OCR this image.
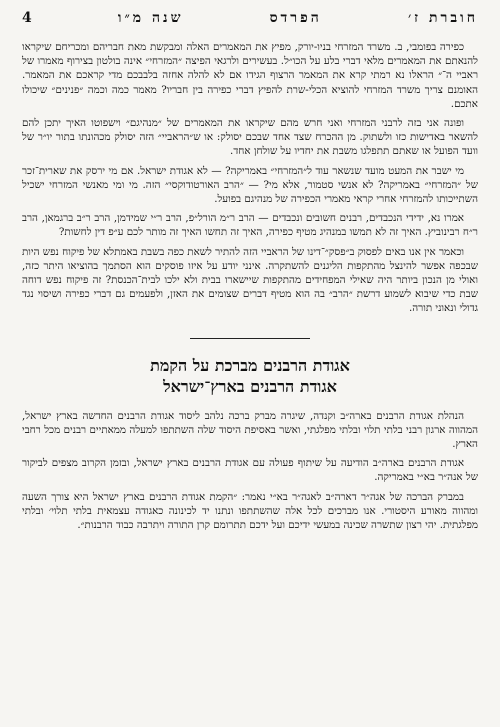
חוברת ז׳
הפרדס
שנה מ״ו
4

כפירה בפומבי, ב. משרד המזרחי בניו-יורק, מפיץ את המאמרים האלה ומבקשת מאת חבריהם ומכריחם שיקראו להנאתם את המאמרים מלאי דברי בלע על הכו״ל. בעשירים ולרגאי הפיצה ״המזרחי״ אינה בולטון בצירוף מאמרו של ראביי ה־״ הראלו נא רמתי קרא את המאמר הרצוף הגידו אם לא להלה אחזה בלבבכם מדי קראכם את המאמר. האומנם צריך משרד המזרחי להוציא הכלי-שרת להפיץ דברי כפירה בין חבריו? מאמר כמה וכמה ״פנינים״ שיכולו אתכם.

ופונה אני בזה לרבני המזרחי ואני חרש מהם שיקראו את המאמרים של ״מנהיגם״ וישפוטו האיך יתכן להם להשאר באדישות כזו ולשתוק. מן ההכרח שצד אחד שבכם יסולק: או ש״הראביי״ הזה יסולק מכהונתו בתור יו״ר של וועד הפועל או שאתם תתפלגו משבת את יחדיו על שולחן אחד.

מי ישבר את המעט מועד שנשאר עוד ל״המזרחי״ באמריקה? — לא אגודת ישראל. אם מי ירסק את שארית־זכר של ״המזרחי״ באמריקה? לא אנשי סטמור, אלא מי? — ״הרב האורטודוקסי״ הזה. מי ומי מאנשי המזרחי ישכיל השתייכותו להמזרחי אחרי קראי מאמרי הכפירה של מנהיגם בפועל.

אמרו נא, ידידי הנכבדים, רבנים חשובים ונכבדים — הרב ר״מ הורל״פ, הרב ר״י שמידמן, הרב ר״ב ברגמאן, הרב ר״ח רבינוביץ. האיך זה לא תמשו במנהיג מטיף כפירה, האיך זה תחשו האיך זה מותר לכם ע״פ דין לחשות?

וכאמר אין אנו באים לפסוק ב״פסק״־דינו של הראביי הזה להתיר לשאת כפה בשבת באמתלא של פיקוח נפש היות שבכפה אפשר להינצל מהתקפות הליגנים להשתקרה. אינני יודע על איזו פוסקים הוא הסתמך בהוציאו היתר כזה, ואולי מן הנכון ביותר היה שאילי המפחידים מהתקפות שיישארו בבית ולא ילכו לבית־הכנסת? זה פיקוח נפש דוחה שבת כדי שיבוא לשמוע דרשת ״הרב״ בה הוא מטיף דברים שצומים את האזן, ולפעמים גם דברי כפירה ושיסוי נגד גדולי ונאוני תורה.

אגודת הרבנים מברכת על הקמת
אגודת הרבנים בארץ־ישראל

הנהלת אגודת הרבנים בארה״ב וקנדה, שיגרה מברק ברכה נלהב ליסוד אגודת הרבנים החדשה בארץ ישראל, המהווה ארגון רבני בלתי תלוי ובלתי מפלגתי, ואשר באסיפת היסוד שלה השתתפו למעלה ממאתיים רבנים מכל רחבי הארץ.

אגודת הרבנים בארה״ב הודיעה על שיתוף פעולה עם אגודת הרבנים בארץ ישראל, ובזמן הקרוב מצפים לביקור של אנה״ר בא״י באמריקה.

במברק הברכה של אגה״ר דארה״ב לאגה״ר בא״י נאמר: ״הקמת אגודת הרבנים בארץ ישראל היא צורך השעה ומהווה מאורע היסטורי. אנו מברכים לכל אלה שהשתתפו ונתנו יד לכינונה כאגודה עצמאית בלתי תלוי׳ ובלתי מפלגתית. יהי רצון שתשרה שכינה במעשי ידיכם ועל ידכם תתרומם קרן התורה ויתרבה כבוד הרבנות״.
